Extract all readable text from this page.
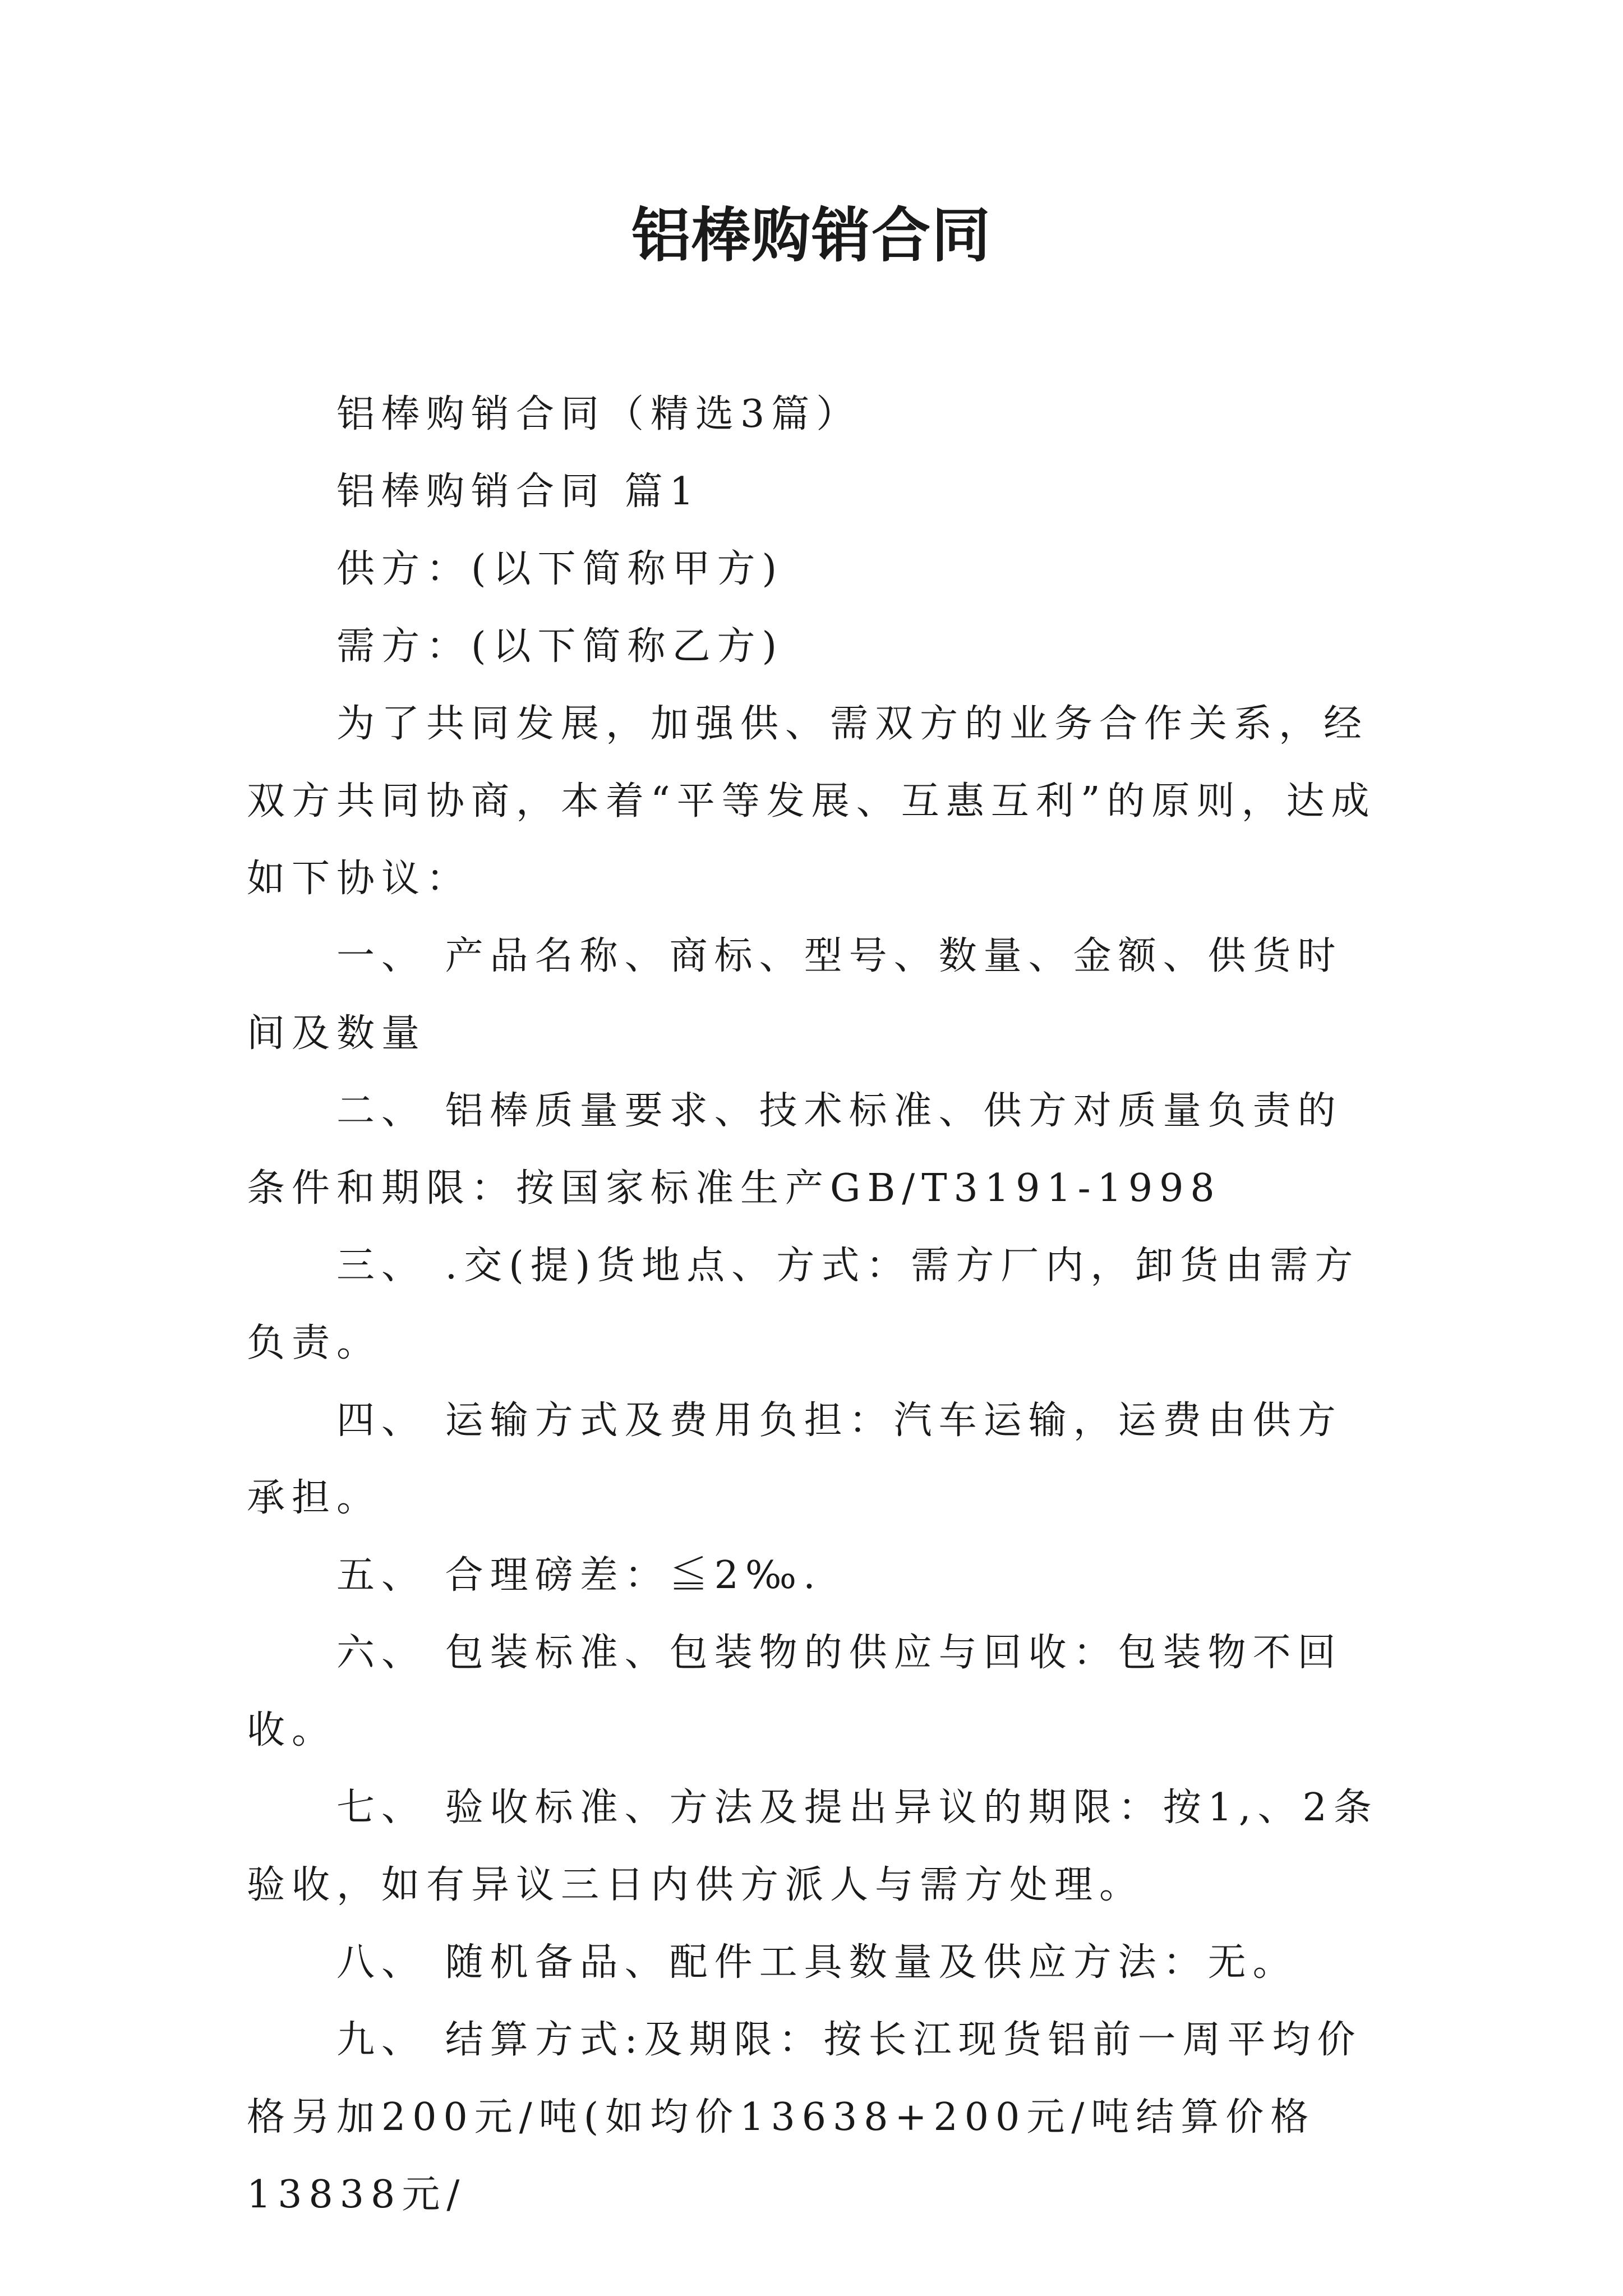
铝棒购销合同

铝棒购销合同（精选3篇）

铝棒购销合同 篇1

供方：(以下简称甲方)

需方：(以下简称乙方)

为了共同发展，加强供、需双方的业务合作关系，经双方共同协商，本着“平等发展、互惠互利”的原则，达成如下协议：

一、 产品名称、商标、型号、数量、金额、供货时间及数量

二、 铝棒质量要求、技术标准、供方对质量负责的条件和期限：按国家标准生产GB/T3191-1998

三、 .交(提)货地点、方式：需方厂内，卸货由需方负责。

四、 运输方式及费用负担：汽车运输，运费由供方承担。

五、 合理磅差：≦2‰.

六、 包装标准、包装物的供应与回收：包装物不回收。

七、 验收标准、方法及提出异议的期限：按1,、2条验收，如有异议三日内供方派人与需方处理。

八、 随机备品、配件工具数量及供应方法：无。

九、 结算方式:及期限：按长江现货铝前一周平均价格另加200元/吨(如均价13638+200元/吨结算价格13838元/
